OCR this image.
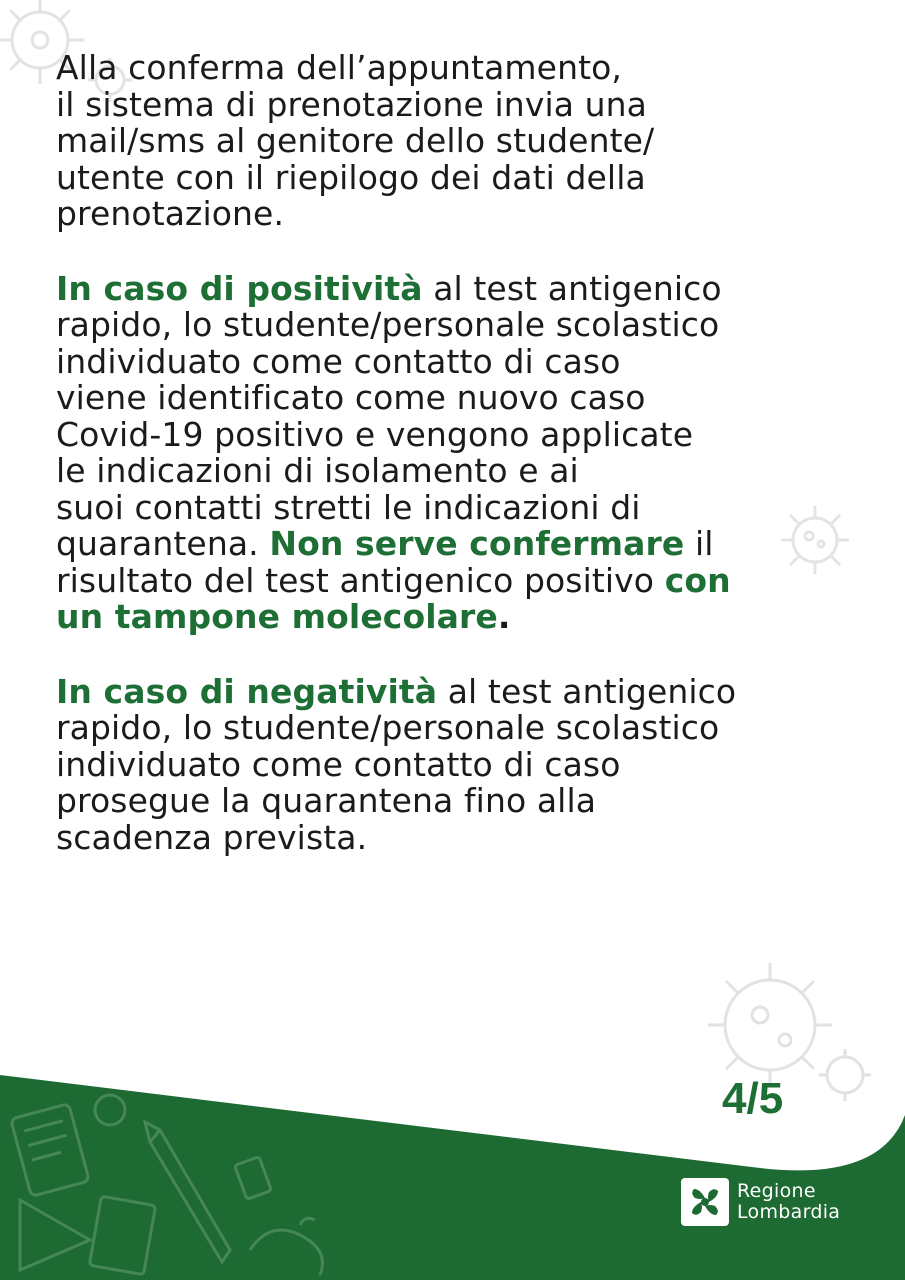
Alla conferma dell’appuntamento,
il sistema di prenotazione invia una
mail/sms al genitore dello studente/
utente con il riepilogo dei dati della
prenotazione.

In caso di positività al test antigenico
rapido, lo studente/personale scolastico
individuato come contatto di caso
viene identificato come nuovo caso
Covid-19 positivo e vengono applicate
le indicazioni di isolamento e ai
suoi contatti stretti le indicazioni di
quarantena. Non serve confermare il
risultato del test antigenico positivo con
un tampone molecolare.

In caso di negatività al test antigenico
rapido, lo studente/personale scolastico
individuato come contatto di caso
prosegue la quarantena fino alla
scadenza prevista.

4/5
Regione
Lombardia
